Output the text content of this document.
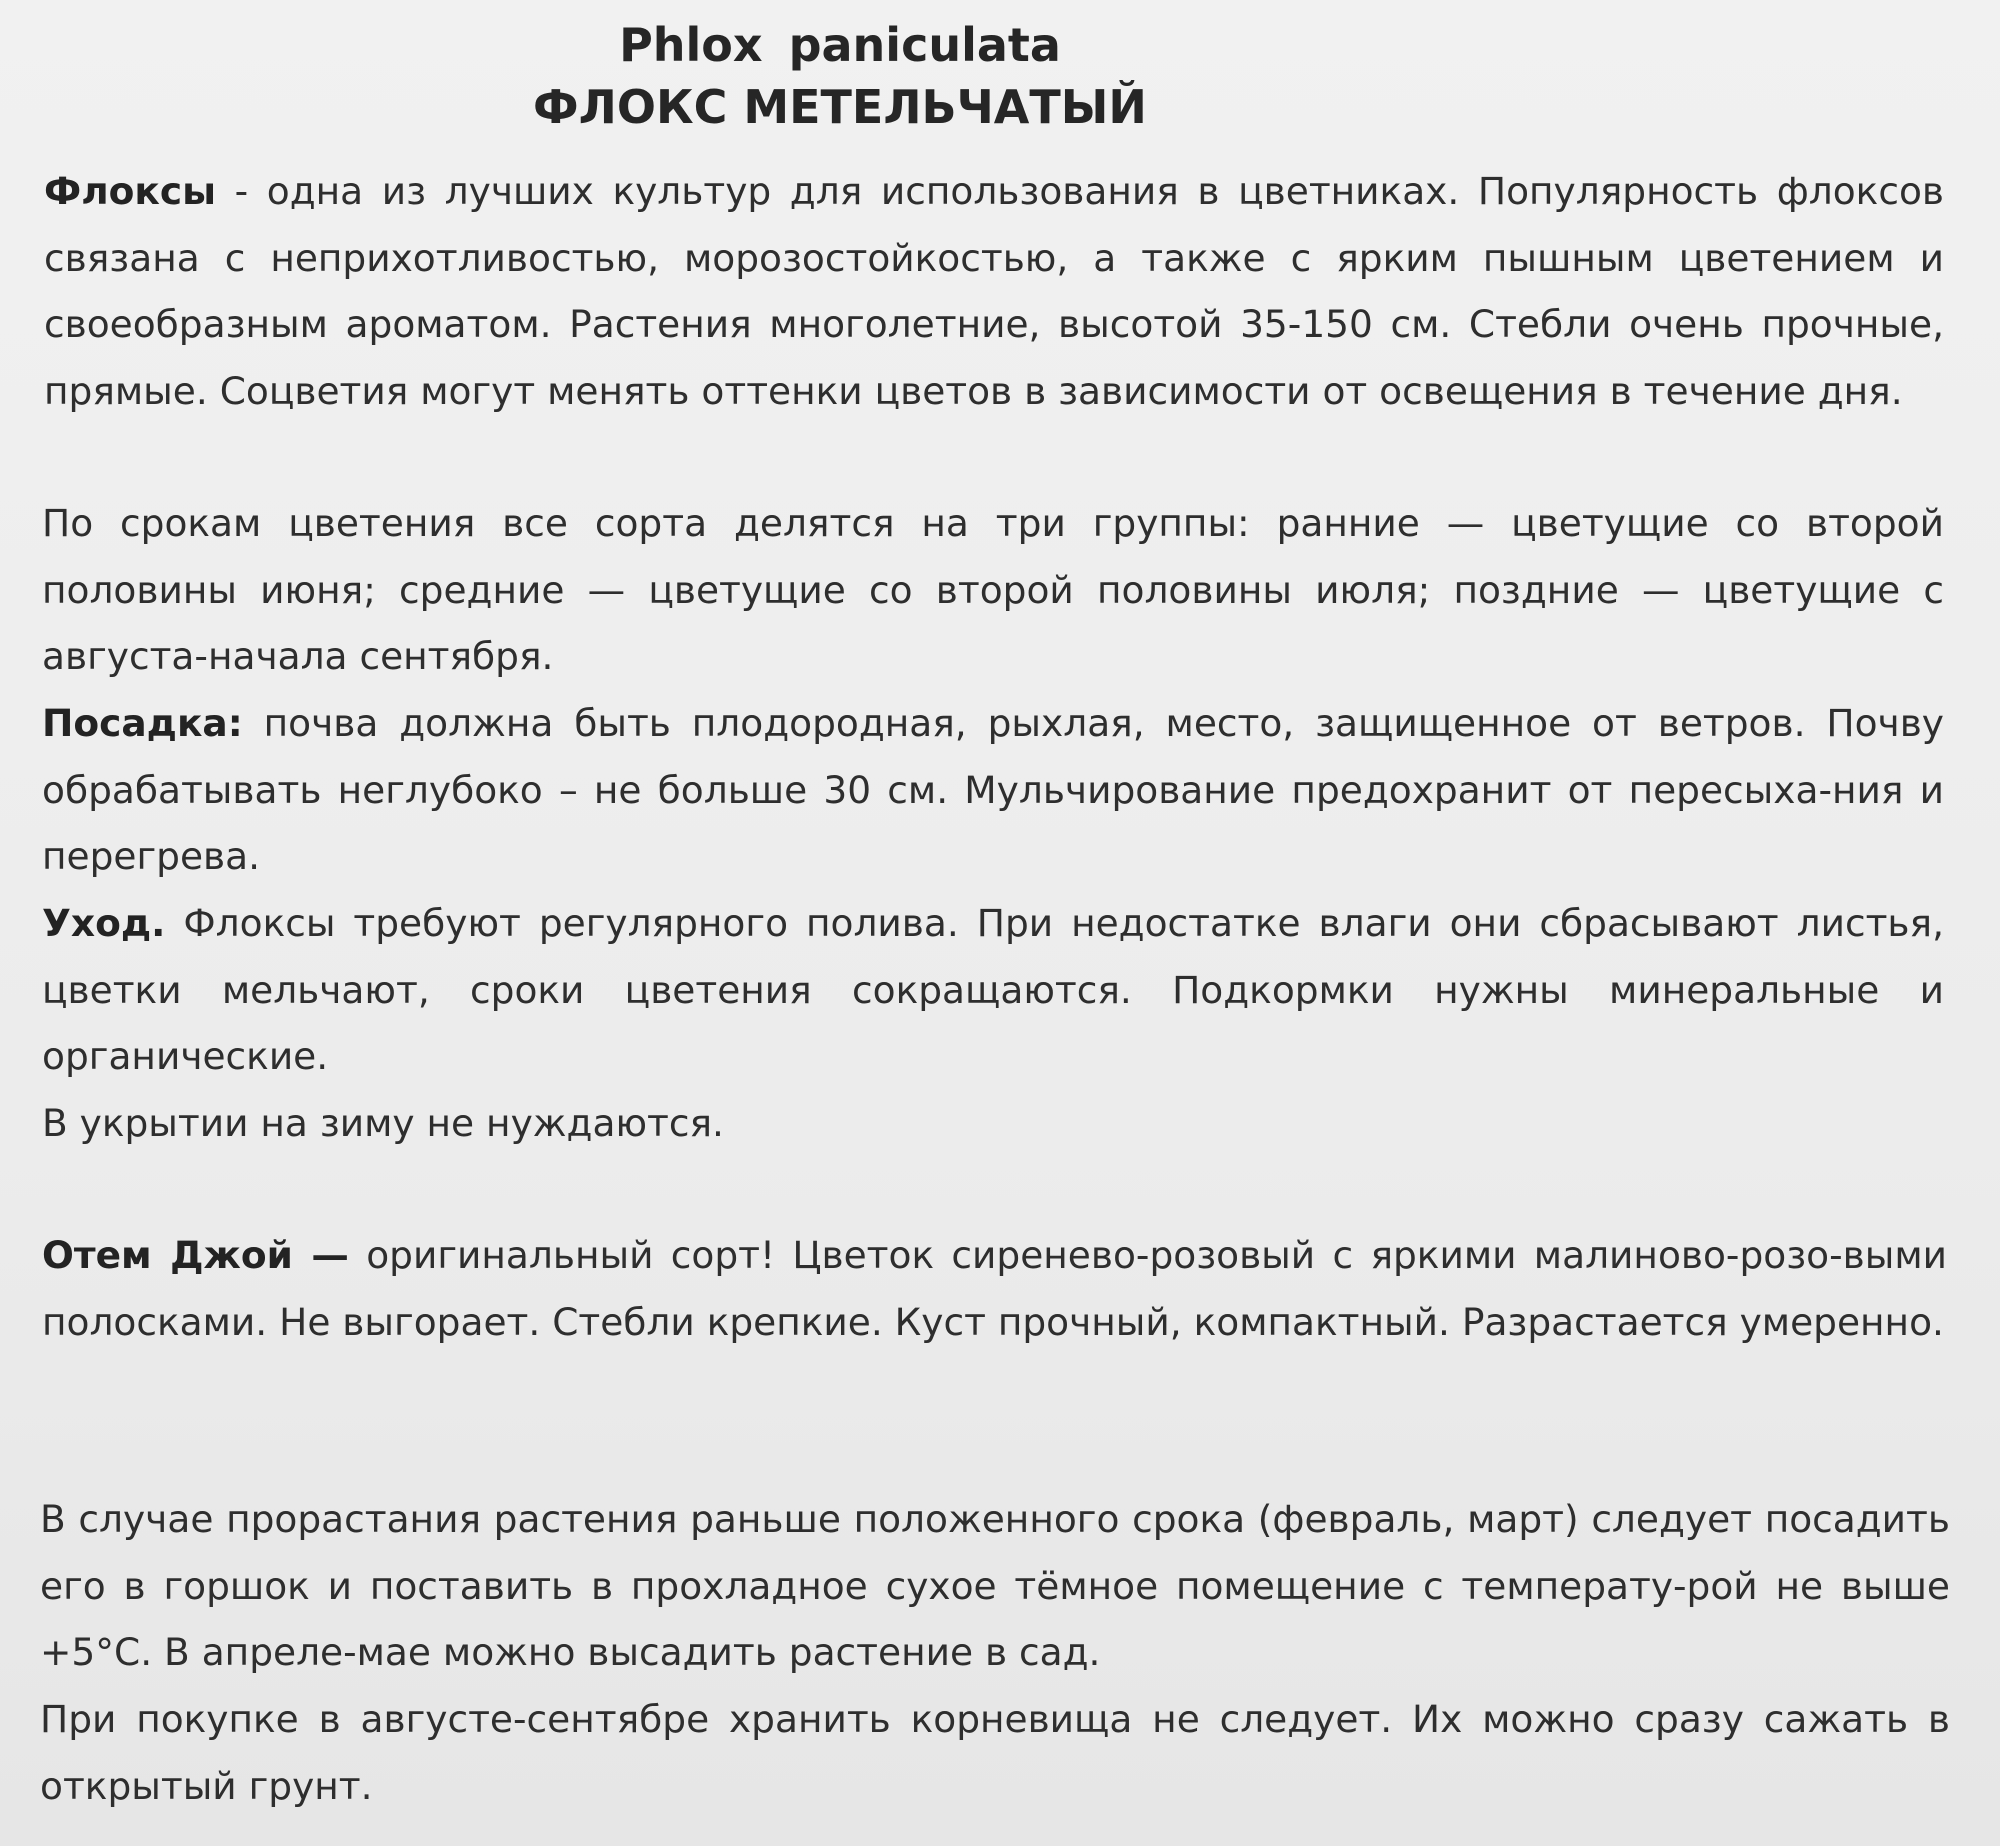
Phlox paniculata
ФЛОКС МЕТЕЛЬЧАТЫЙ

Флоксы - одна из лучших культур для использования в цветниках. Популярность флоксов связана с неприхотливостью, морозостойкостью, а также с ярким пышным цветением и своеобразным ароматом. Растения многолетние, высотой 35-150 см. Стебли очень прочные, прямые. Соцветия могут менять оттенки цветов в зависимости от освещения в течение дня.

По срокам цветения все сорта делятся на три группы: ранние — цветущие со второй половины июня; средние — цветущие со второй половины июля; поздние — цветущие с августа-начала сентября.

Посадка: почва должна быть плодородная, рыхлая, место, защищенное от ветров. Почву обрабатывать неглубоко – не больше 30 см. Мульчирование предохранит от пересыха-ния и перегрева.

Уход. Флоксы требуют регулярного полива. При недостатке влаги они сбрасывают листья, цветки мельчают, сроки цветения сокращаются. Подкормки нужны минеральные и органические.

В укрытии на зиму не нуждаются.

Отем Джой — оригинальный сорт! Цветок сиренево-розовый с яркими малиново-розо-выми полосками. Не выгорает. Стебли крепкие. Куст прочный, компактный. Разрастается умеренно.

В случае прорастания растения раньше положенного срока (февраль, март) следует посадить его в горшок и поставить в прохладное сухое тёмное помещение с температу-рой не выше +5°С. В апреле-мае можно высадить растение в сад.

При покупке в августе-сентябре хранить корневища не следует. Их можно сразу сажать в открытый грунт.
